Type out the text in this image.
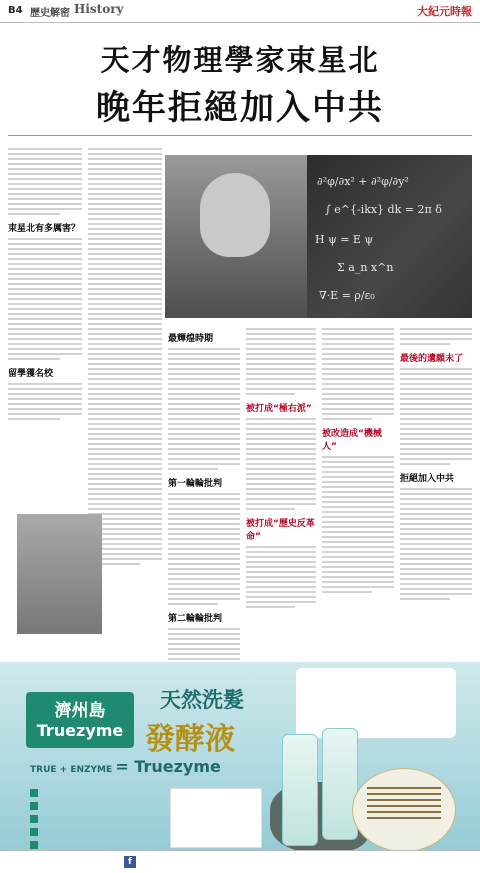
B4 歷史解密 History	大紀元時報
天才物理學家束星北
晚年拒絕加入中共
束星北有多厲害？
留學獲名校
∂²φ/∂x² + ∂²φ/∂y²
∫ e^{-ikx} dk = 2π δ
H ψ = E ψ
Σ a_n x^n
∇·E = ρ/ε₀
最輝煌時期
第一輪輪批判
第二輪輪批判
被打成“極右派”
被打成“歷史反革命”
被改造成“機械人”
最後的遺願未了
拒絕加入中共
濟州島
Truezyme
天然洗髮
發酵液
TRUE + ENZYME = Truezyme
f
